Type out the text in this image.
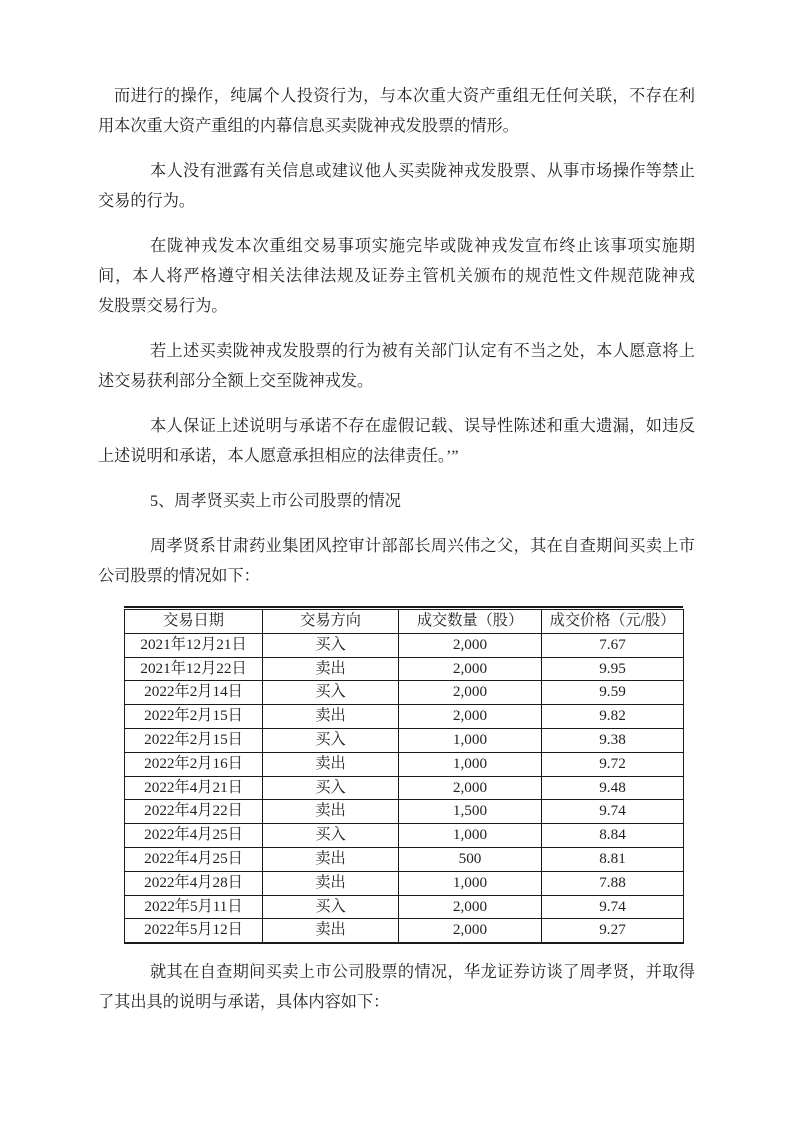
而进行的操作，纯属个人投资行为，与本次重大资产重组无任何关联，不存在利
用本次重大资产重组的内幕信息买卖陇神戎发股票的情形。
本人没有泄露有关信息或建议他人买卖陇神戎发股票、从事市场操作等禁止
交易的行为。
在陇神戎发本次重组交易事项实施完毕或陇神戎发宣布终止该事项实施期
间，本人将严格遵守相关法律法规及证券主管机关颁布的规范性文件规范陇神戎
发股票交易行为。
若上述买卖陇神戎发股票的行为被有关部门认定有不当之处，本人愿意将上
述交易获利部分全额上交至陇神戎发。
本人保证上述说明与承诺不存在虚假记载、误导性陈述和重大遗漏，如违反
上述说明和承诺，本人愿意承担相应的法律责任。’”
5、周孝贤买卖上市公司股票的情况
周孝贤系甘肃药业集团风控审计部部长周兴伟之父，其在自查期间买卖上市
公司股票的情况如下：
交易日期	交易方向	成交数量（股）	成交价格（元/股）
2021年12月21日	买入	2,000	7.67
2021年12月22日	卖出	2,000	9.95
2022年2月14日	买入	2,000	9.59
2022年2月15日	卖出	2,000	9.82
2022年2月15日	买入	1,000	9.38
2022年2月16日	卖出	1,000	9.72
2022年4月21日	买入	2,000	9.48
2022年4月22日	卖出	1,500	9.74
2022年4月25日	买入	1,000	8.84
2022年4月25日	卖出	500	8.81
2022年4月28日	卖出	1,000	7.88
2022年5月11日	买入	2,000	9.74
2022年5月12日	卖出	2,000	9.27
就其在自查期间买卖上市公司股票的情况，华龙证券访谈了周孝贤，并取得
了其出具的说明与承诺，具体内容如下：
